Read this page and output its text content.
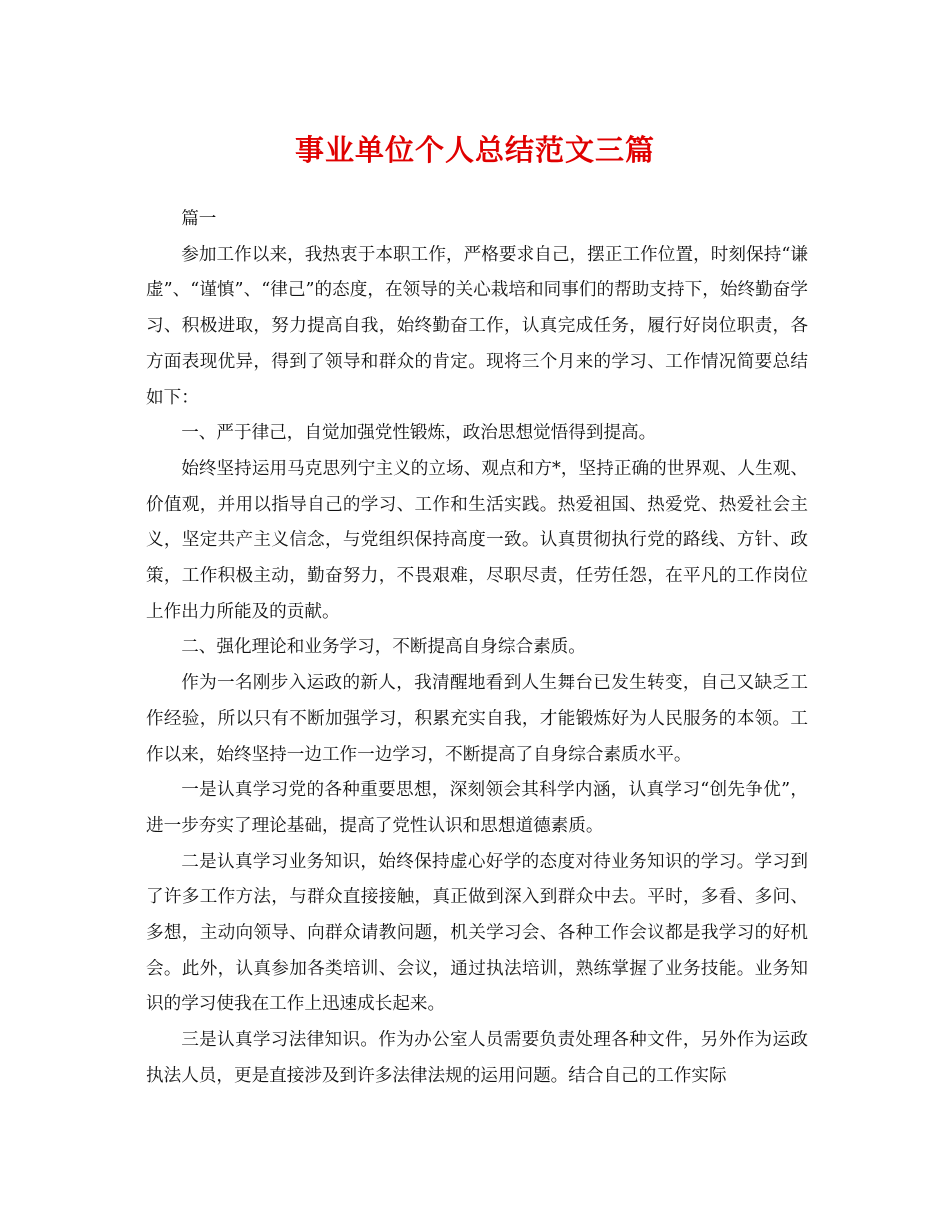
事业单位个人总结范文三篇

篇一

参加工作以来，我热衷于本职工作，严格要求自己，摆正工作位置，时刻保持“谦虚”、“谨慎”、“律己”的态度，在领导的关心栽培和同事们的帮助支持下，始终勤奋学习、积极进取，努力提高自我，始终勤奋工作，认真完成任务，履行好岗位职责，各方面表现优异，得到了领导和群众的肯定。现将三个月来的学习、工作情况简要总结如下：

一、严于律己，自觉加强党性锻炼，政治思想觉悟得到提高。

始终坚持运用马克思列宁主义的立场、观点和方*，坚持正确的世界观、人生观、价值观，并用以指导自己的学习、工作和生活实践。热爱祖国、热爱党、热爱社会主义，坚定共产主义信念，与党组织保持高度一致。认真贯彻执行党的路线、方针、政策，工作积极主动，勤奋努力，不畏艰难，尽职尽责，任劳任怨，在平凡的工作岗位上作出力所能及的贡献。

二、强化理论和业务学习，不断提高自身综合素质。

作为一名刚步入运政的新人，我清醒地看到人生舞台已发生转变，自己又缺乏工作经验，所以只有不断加强学习，积累充实自我，才能锻炼好为人民服务的本领。工作以来，始终坚持一边工作一边学习，不断提高了自身综合素质水平。

一是认真学习党的各种重要思想，深刻领会其科学内涵，认真学习“创先争优”，进一步夯实了理论基础，提高了党性认识和思想道德素质。

二是认真学习业务知识，始终保持虚心好学的态度对待业务知识的学习。学习到了许多工作方法，与群众直接接触，真正做到深入到群众中去。平时，多看、多问、多想，主动向领导、向群众请教问题，机关学习会、各种工作会议都是我学习的好机会。此外，认真参加各类培训、会议，通过执法培训，熟练掌握了业务技能。业务知识的学习使我在工作上迅速成长起来。

三是认真学习法律知识。作为办公室人员需要负责处理各种文件，另外作为运政执法人员，更是直接涉及到许多法律法规的运用问题。结合自己的工作实际
